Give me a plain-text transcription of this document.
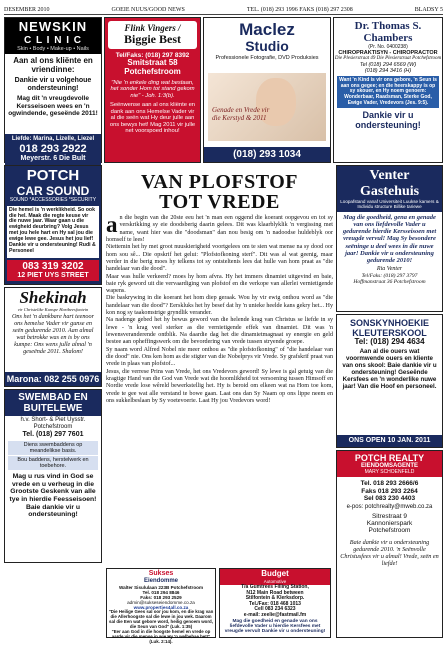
DESEMBER 2010	GOEIE NUUS/GOOD NEWS	TEL. (018) 293 1996 FAKS (018) 297 2308	BLADSY 5
NEWSKIN
C L I N I C
Skin • Body • Make-up • Nails
Aan al ons kliënte en vriendinne:
Dankie vir u volgehoue ondersteuning!
Mag dit 'n vreugdevolle Kersseisoen wees en 'n ogwindende, geseënde 2011!
Liefde: Marina, Lizelle, Liezel
018 293 2922
Meyerstr. 6 Die Bult
Flink Vingers /
Biggie Best
Tel/Faks: (018) 297 8392
Smitstraat 58
Potchefstroom
"Nie 'n enkele ding wat bestaan, het sonder Hom tot stand gekom nie" - Joh. 1:3(b).
Seënwense aan al ons kliënte en dank aan ons Hemelse Vader vir al die seën wat Hy deur julle aan ons bewys het! Mag 2011 vir julle net voorspoed inhou!
Maclez
Studio
Professionele Fotografie, DVD Produksies
Genade en Vrede vir die Kerstyd & 2011
(018) 293 1034
Dr. Thomas S.
Chambers
(Pr. No. 0400238)
CHIROPRAKTISYN - CHIROPRACTOR
Die Plesierstraat 49 Die Plesierstraat Potchefstroom
Tel (018) 294 6569 (W)
(018) 294 3416 (H)
Want 'n Kind is vir ons gebore, 'n Seun is aan ons gegee; en die heerskappy is op sy skouer, en Hy noem genoem: Wonderbaar, Raadsman, Sterke God, Ewige Vader, Vredevors (Jes. 9:5).
Dankie vir u ondersteuning!
POTCH
CAR SOUND
SOUND *ACCESSORIES *SECURITY
Die hemel is 'n werklikheid. So ook die hel. Maak die regte keuse vir die nuwe jaar. Waar gaan u die ewigheid deurbring? Volg Jesus met jou hele hart en Hy sal jou die ewige lewe gee. Jesus het jou lief! Dankie vir u ondersteuning! Rudi & Personeel
083 319 3202
12 PIET UYS STREET
Shekinah
vir Christelike Kunspe Hartbeesfontein
Ons het 'n dankbare hart teenoor ons hemelse Vader vir gunse en seën gedurende 2010. Aan almal wat betrokke was en is by ons kumpe: Ons wens julle almal 'n geseënde 2011. Shalom!
Marona: 082 255 0976
SWEMBAD EN
BUITELEWE
h.v. Short- & Piet Uysstr.
Potchefstroom
Tel. (018) 297 7601
Diens swembaddens op meandelikse basis.
Bou baddens, herstelwerk en toebehore.
Mag u rus vind in God se vrede en u verheug in die Grootste Geskenk van alle tye in hierdie Feesseisoen! Baie dankie vir u ondersteuning!
VAN PLOFSTOF
TOT VREDE

an die begin van die 20ste eeu het 'n man een oggend die koerant oopgevou en tot sy verskrikking sy eie doodsberig daarin gelees. Dit was klaarblyklik 'n vergissing met name, want hier was die "doodsman" dan nou besig om 'n nadoodse huldeblyk oor homself te lees!

Niettemin het hy met groot nuuskierigheid voortgelees om te sien wat mense na sy dood oor hom sou sê... Die opskrif het gelui: "Plofstofkoning sterf". Dit was al wat geenig, maar verder in die berig moes hy telkens tot sy ontsteltenis lees dat hulle van hom praat as "die handelaar van die dood".

Maar was hulle verkeerd? moes hy hom afvra. Hy het immers dinamiet uitgevind en baie, baie ryk geword uit die vervaardiging van plofstof en die verkope van allerlei vernietigende wapens.

Die baskrywing in die koerant het hom diep geraak. Wou hy vir ewig onthou word as "die handelaar van die dood"? Eerskluks het hy besef dat hy 'n unieke heelde kans gekry het... Hy kon nog sy taakomstrige gryndlik verander.

Na nadenge gebed het hy bewus geword van die helende krag van Christus se liefde in sy lewe - 'n krag veel sterker as die vernietigende effek van dinamiet. Dit was 'n lewensveranderende ontblik. Na daardie dag het die dinamietmagnaat sy energie en geld bestee aan opheffingswerk om die bevordering van vrede tussen stryende groepe.

Sy naam word Alfred Nobel nie meer onthou as "die plofstofkoning" of "die handelaar van die dood" nie. Ons ken hom as die stigter van die Nobelprys vir Vrede. Sy grafskrif praat van vrede in plaas van plofstof...

Jesus, die verrese Prins van Vrede, het ons Vredevors geword! Sy lewe is gal getuig van die kragtige Hand van die God van Vrede wat die hoomlikheid tot versoening tussen Himsoff en Nordie vrede lose wêreld bewerkstellig het. Hy is beroid om elkeen wat na Hom toe kom, vrede te gee wat alle verstand te bowe gaan. Laat ons dan Sy Naam op ons lippe neem en ons sukkelbeslaan by Sy voetevoerie. Laat Hy jou Vredevors word!

Venter
Gastehuis
Loopafstand vanaf Universiteit Luukse kamers & Individu structure Billike tariewe
Mag die goedheid, gena en genade van ons liefdevolle Vader u gedurende hierdie Kersseisoen met vreugde vervul! Mag Sy besondere seëninge u deel wees in die nuwe jaar! Dankie vir u ondersteuning gedurende 2010!
Ria Venter
Tel/Faks: (018) 297 3797
Hoffmanstraat 36 Potchefstroom
SONSKYNHOEKIE
KLEUTERSKOOL
Tel: (018) 294 4634
Aan al die ouers wat voormwende ouers en kliente van ons skool: Baie dankie vir u ondersteuning! Geseënde Kersfees en 'n wonderlike nuwe jaar! Van die Hoof en personeel.
ONS OPEN 10 JAN. 2011
Sukses
Eiendomme
Walter Sisululaan 223B Potchefstroom
Tel. 018 294 8846
Faks: 018 293 2529
admin@sukseseiendomme.co.za
www.properties4all.co.za
"Die Heilige Gees sal oor jou kom, en die krag van die Allerhoogste sal die lewe in jou wek. Daarom sal die Een wat gebore word, heilig genoem word, die Seun van God" (Luk. 1:35)
"Eer aan God in die hoogste hemel en vrede op aarde vir die mense in wie Hy 'n welbehae het!" (Luk. 2:14).
Budget
Automotive
T/a Gumtrees Filling Station,
N12 Main Road between
Stilfontein & Klerksdorp.
Tel./Fax: 018 468 1013
Cell 083 234 6323
e-mail: zeelie@fastmail.fm
Mag die goedheid en genade van ons liefdevolle Vader u hierdie Kersfees met vreugde vervul! Dankie vir u ondersteuning!
POTCH REALTY
EIENDOMSAGENTE
MARY SCHOENFELD
Tel. 018 293 2666/6
Faks 018 293 2264
Sel 083 230 4403
e-pos: potchrealty@mweb.co.za
Sitrestraat 9
Kannonierspark
Potchefstroom
Baie dankie vir u ondersteuning gedurende 2010. 'n Seënvolle Christusfees vir u almal! Vrede, seën en liefde!
